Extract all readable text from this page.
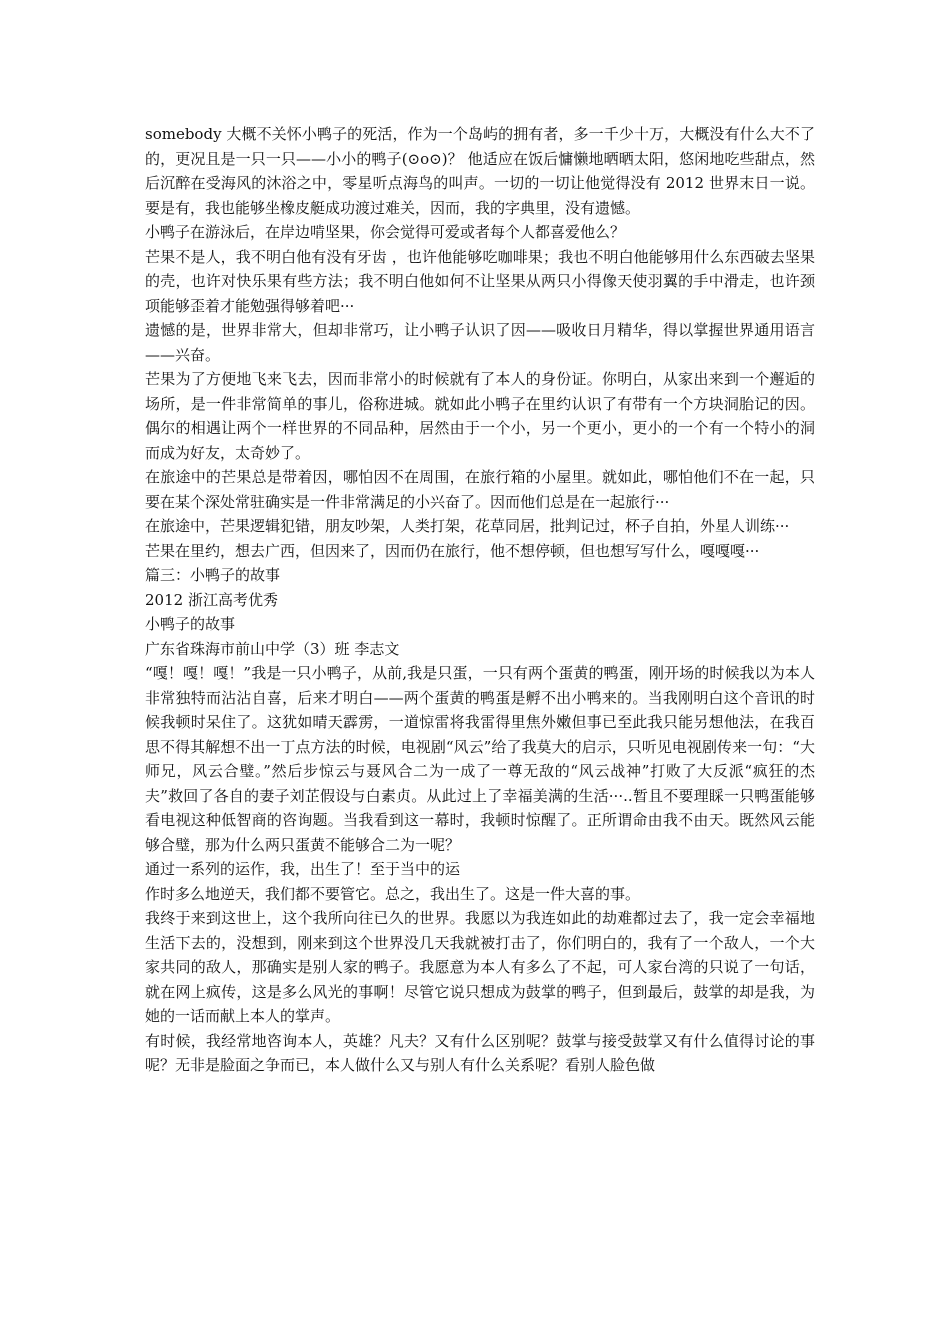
somebody 大概不关怀小鸭子的死活，作为一个岛屿的拥有者，多一千少十万，大概没有什么大不了的，更况且是一只一只——小小的鸭子(⊙o⊙)？ 他适应在饭后慵懒地晒晒太阳，悠闲地吃些甜点，然后沉醉在受海风的沐浴之中，零星听点海鸟的叫声。一切的一切让他觉得没有 2012 世界末日一说。要是有，我也能够坐橡皮艇成功渡过难关，因而，我的字典里，没有遗憾。

小鸭子在游泳后，在岸边啃坚果，你会觉得可爱或者每个人都喜爱他么？

芒果不是人，我不明白他有没有牙齿 ，也许他能够吃咖啡果；我也不明白他能够用什么东西破去坚果的壳，也许对快乐果有些方法；我不明白他如何不让坚果从两只小得像天使羽翼的手中滑走，也许颈项能够歪着才能勉强得够着吧···

遗憾的是，世界非常大，但却非常巧，让小鸭子认识了因——吸收日月精华，得以掌握世界通用语言——兴奋。

芒果为了方便地飞来飞去，因而非常小的时候就有了本人的身份证。你明白，从家出来到一个邂逅的场所，是一件非常简单的事儿，俗称进城。就如此小鸭子在里约认识了有带有一个方块洞胎记的因。 偶尔的相遇让两个一样世界的不同品种，居然由于一个小，另一个更小，更小的一个有一个特小的洞而成为好友，太奇妙了。

在旅途中的芒果总是带着因，哪怕因不在周围，在旅行箱的小屋里。就如此，哪怕他们不在一起，只要在某个深处常驻确实是一件非常满足的小兴奋了。因而他们总是在一起旅行···

在旅途中，芒果逻辑犯错，朋友吵架，人类打架，花草同居，批判记过，杯子自拍，外星人训练···

芒果在里约，想去广西，但因来了，因而仍在旅行，他不想停顿，但也想写写什么，嘎嘎嘎···

篇三：小鸭子的故事

2012 浙江高考优秀

小鸭子的故事

广东省珠海市前山中学（3）班 李志文

“嘎！嘎！嘎！”我是一只小鸭子，从前,我是只蛋，一只有两个蛋黄的鸭蛋，刚开场的时候我以为本人非常独特而沾沾自喜，后来才明白——两个蛋黄的鸭蛋是孵不出小鸭来的。当我刚明白这个音讯的时候我顿时呆住了。这犹如晴天霹雳，一道惊雷将我雷得里焦外嫩但事已至此我只能另想他法，在我百思不得其解想不出一丁点方法的时候，电视剧“风云”给了我莫大的启示，只听见电视剧传来一句：“大师兄，风云合璧。”然后步惊云与聂风合二为一成了一尊无敌的“风云战神”打败了大反派“疯狂的杰夫”救回了各自的妻子刘芷假设与白素贞。从此过上了幸福美满的生活···..暂且不要理睬一只鸭蛋能够看电视这种低智商的咨询题。当我看到这一幕时，我顿时惊醒了。正所谓命由我不由天。既然风云能够合璧，那为什么两只蛋黄不能够合二为一呢？

通过一系列的运作，我，出生了！至于当中的运

作时多么地逆天，我们都不要管它。总之，我出生了。这是一件大喜的事。

我终于来到这世上，这个我所向往已久的世界。我愿以为我连如此的劫难都过去了，我一定会幸福地生活下去的，没想到，刚来到这个世界没几天我就被打击了，你们明白的，我有了一个敌人，一个大家共同的敌人，那确实是别人家的鸭子。我愿意为本人有多么了不起，可人家台湾的只说了一句话，就在网上疯传，这是多么风光的事啊！尽管它说只想成为鼓掌的鸭子，但到最后，鼓掌的却是我，为她的一话而献上本人的掌声。

有时候，我经常地咨询本人，英雄？凡夫？又有什么区别呢？鼓掌与接受鼓掌又有什么值得讨论的事呢？无非是脸面之争而已，本人做什么又与别人有什么关系呢？看别人脸色做
